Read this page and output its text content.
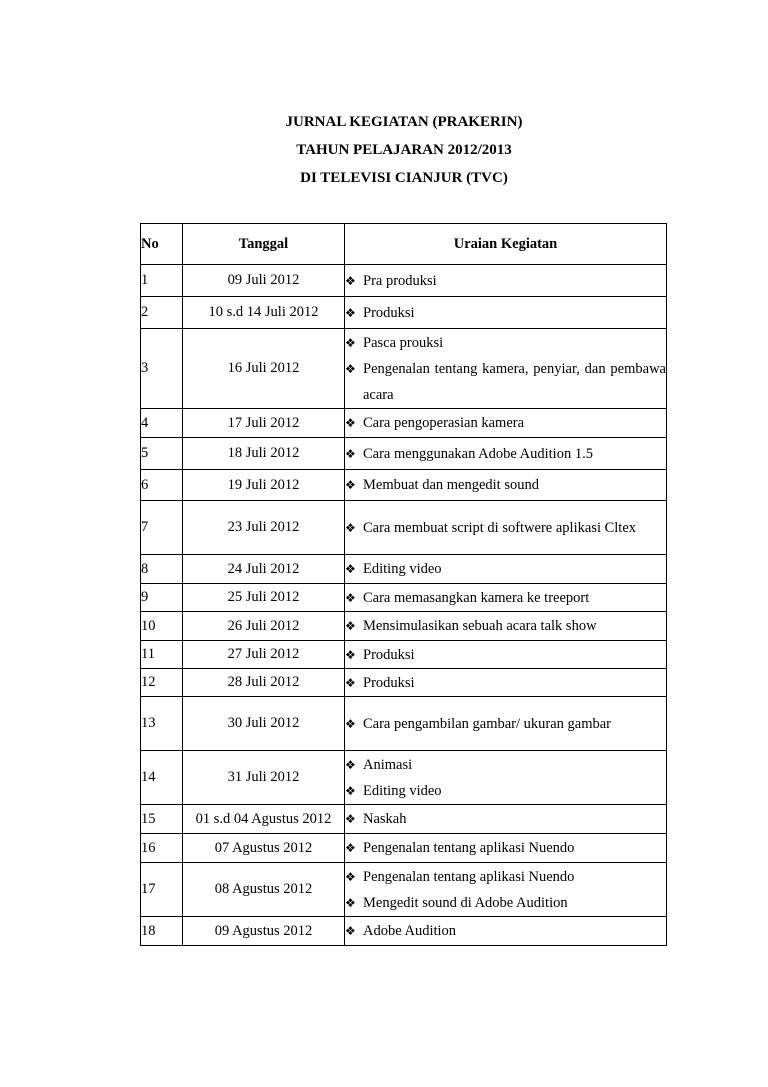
JURNAL KEGIATAN (PRAKERIN)
TAHUN PELAJARAN 2012/2013
DI TELEVISI CIANJUR (TVC)
No	Tanggal	Uraian Kegiatan
1	09 Juli 2012	❖ Pra produksi

2	10 s.d 14 Juli 2012	❖ Produksi

3	16 Juli 2012	❖ Pasca prouksi
❖ Pengenalan tentang kamera, penyiar, dan pembawa acara

4	17 Juli 2012	❖ Cara pengoperasian kamera

5	18 Juli 2012	❖ Cara menggunakan Adobe Audition 1.5

6	19 Juli 2012	❖ Membuat dan mengedit sound

7	23 Juli 2012	❖ Cara membuat script di softwere aplikasi Cltex

8	24 Juli 2012	❖ Editing video

9	25 Juli 2012	❖ Cara memasangkan kamera ke treeport

10	26 Juli 2012	❖ Mensimulasikan sebuah acara talk show

11	27 Juli 2012	❖ Produksi

12	28 Juli 2012	❖ Produksi

13	30 Juli 2012	❖ Cara pengambilan gambar/ ukuran gambar

14	31 Juli 2012	❖ Animasi
❖ Editing video

15	01 s.d 04 Agustus 2012	❖ Naskah

16	07 Agustus 2012	❖ Pengenalan tentang aplikasi Nuendo

17	08 Agustus 2012	❖ Pengenalan tentang aplikasi Nuendo
❖ Mengedit sound di Adobe Audition

18	09 Agustus 2012	❖ Adobe Audition
